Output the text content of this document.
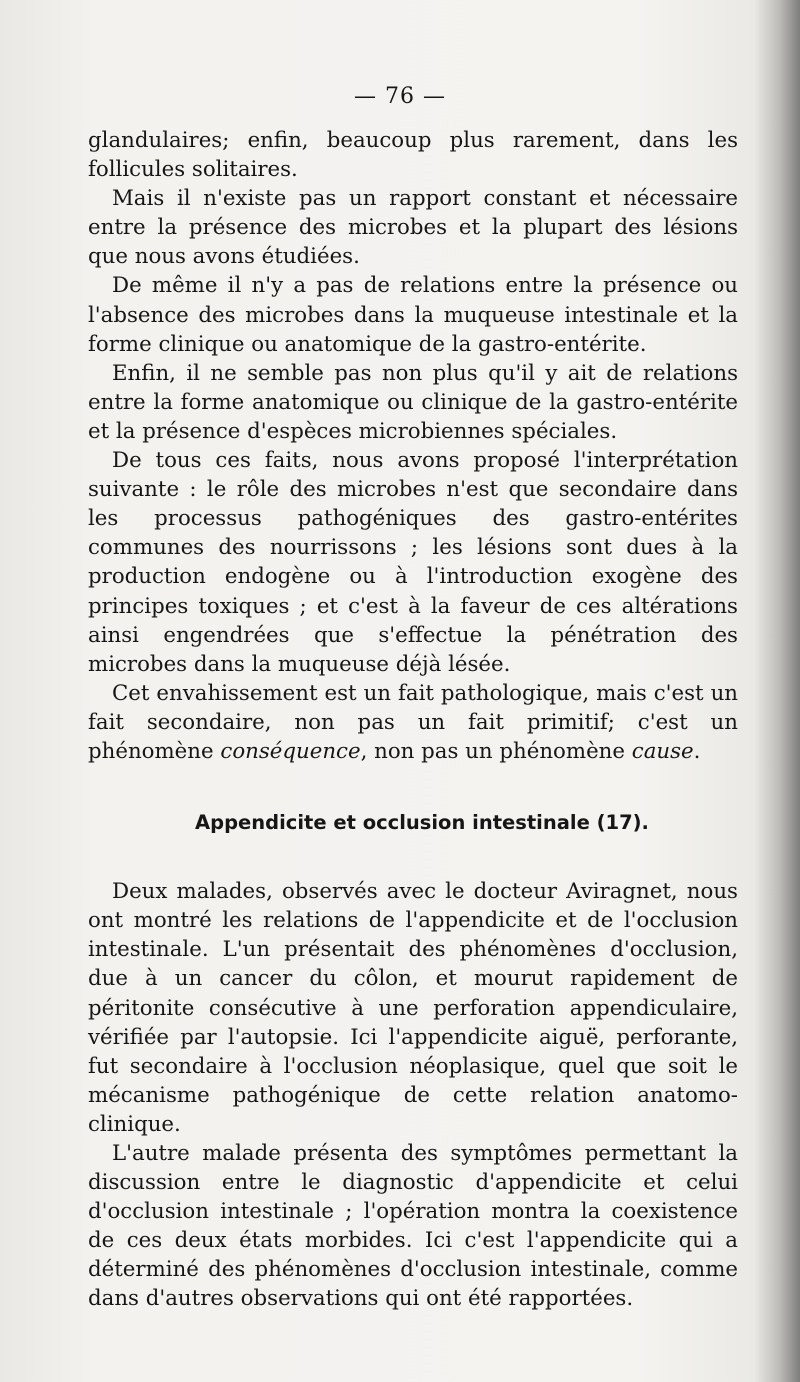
— 76 —

glandulaires; enfin, beaucoup plus rarement, dans les follicules solitaires.

Mais il n'existe pas un rapport constant et nécessaire entre la présence des microbes et la plupart des lésions que nous avons étudiées.

De même il n'y a pas de relations entre la présence ou l'absence des microbes dans la muqueuse intestinale et la forme clinique ou anatomique de la gastro-entérite.

Enfin, il ne semble pas non plus qu'il y ait de relations entre la forme anatomique ou clinique de la gastro-entérite et la présence d'espèces microbiennes spéciales.

De tous ces faits, nous avons proposé l'interprétation suivante : le rôle des microbes n'est que secondaire dans les processus pathogéniques des gastro-entérites communes des nourrissons ; les lésions sont dues à la production endogène ou à l'introduction exogène des principes toxiques ; et c'est à la faveur de ces altérations ainsi engendrées que s'effectue la pénétration des microbes dans la muqueuse déjà lésée.

Cet envahissement est un fait pathologique, mais c'est un fait secondaire, non pas un fait primitif; c'est un phénomène conséquence, non pas un phénomène cause.

Appendicite et occlusion intestinale (17).

Deux malades, observés avec le docteur Aviragnet, nous ont montré les relations de l'appendicite et de l'occlusion intestinale. L'un présentait des phénomènes d'occlusion, due à un cancer du côlon, et mourut rapidement de péritonite consécutive à une perforation appendiculaire, vérifiée par l'autopsie. Ici l'appendicite aiguë, perforante, fut secondaire à l'occlusion néoplasique, quel que soit le mécanisme pathogénique de cette relation anatomo-clinique.

L'autre malade présenta des symptômes permettant la discussion entre le diagnostic d'appendicite et celui d'occlusion intestinale ; l'opération montra la coexistence de ces deux états morbides. Ici c'est l'appendicite qui a déterminé des phénomènes d'occlusion intestinale, comme dans d'autres observations qui ont été rapportées.
